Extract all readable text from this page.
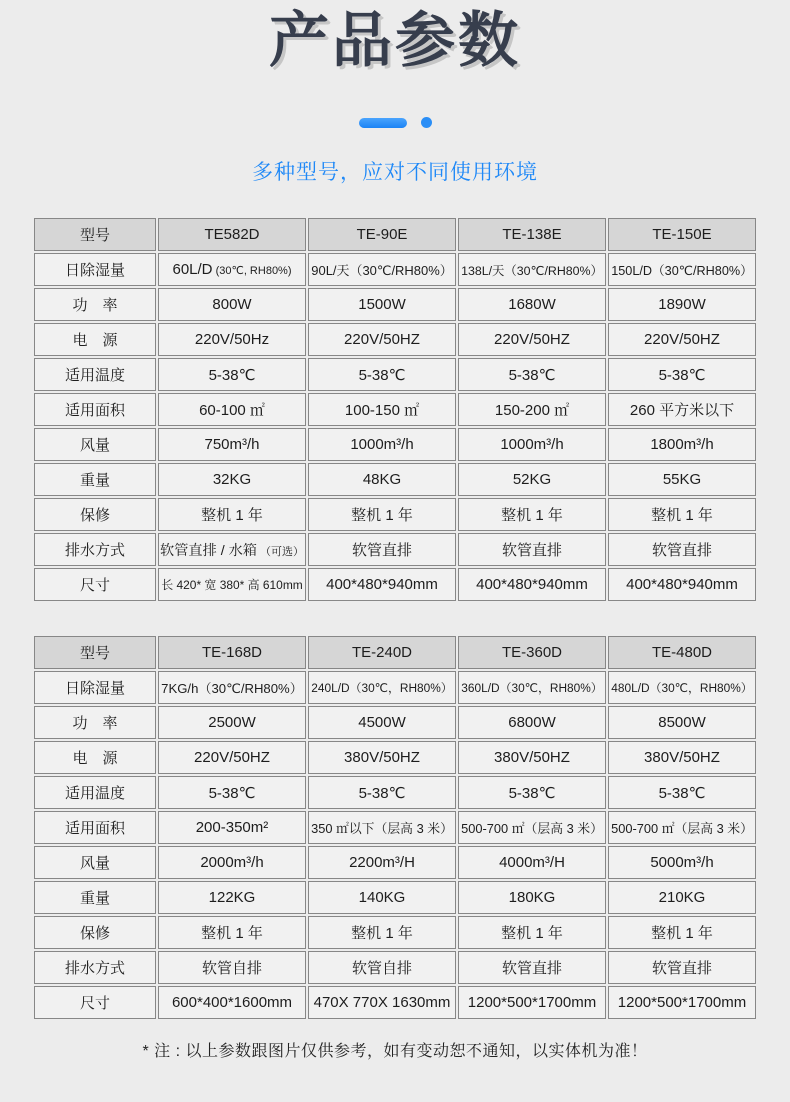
产品参数
多种型号，应对不同使用环境
型号	TE582D	TE-90E	TE-138E	TE-150E
日除湿量	60L/D (30℃, RH80%)	90L/天（30℃/RH80%）	138L/天（30℃/RH80%）	150L/D（30℃/RH80%）
功　率	800W	1500W	1680W	1890W
电　源	220V/50Hz	220V/50HZ	220V/50HZ	220V/50HZ
适用温度	5-38℃	5-38℃	5-38℃	5-38℃
适用面积	60-100 ㎡	100-150 ㎡	150-200 ㎡	260 平方米以下
风量	750m³/h	1000m³/h	1000m³/h	1800m³/h
重量	32KG	48KG	52KG	55KG
保修	整机 1 年	整机 1 年	整机 1 年	整机 1 年
排水方式	软管直排 / 水箱 （可选）	软管直排	软管直排	软管直排
尺寸	长 420* 宽 380* 高 610mm	400*480*940mm	400*480*940mm	400*480*940mm
型号	TE-168D	TE-240D	TE-360D	TE-480D
日除湿量	7KG/h（30℃/RH80%）	240L/D（30℃，RH80%）	360L/D（30℃，RH80%）	480L/D（30℃，RH80%）
功　率	2500W	4500W	6800W	8500W
电　源	220V/50HZ	380V/50HZ	380V/50HZ	380V/50HZ
适用温度	5-38℃	5-38℃	5-38℃	5-38℃
适用面积	200-350m²	350 ㎡以下（层高 3 米）	500-700 ㎡（层高 3 米）	500-700 ㎡（层高 3 米）
风量	2000m³/h	2200m³/H	4000m³/H	5000m³/h
重量	122KG	140KG	180KG	210KG
保修	整机 1 年	整机 1 年	整机 1 年	整机 1 年
排水方式	软管自排	软管自排	软管直排	软管直排
尺寸	600*400*1600mm	470X 770X 1630mm	1200*500*1700mm	1200*500*1700mm
* 注 : 以上参数跟图片仅供参考，如有变动恕不通知，以实体机为准！
